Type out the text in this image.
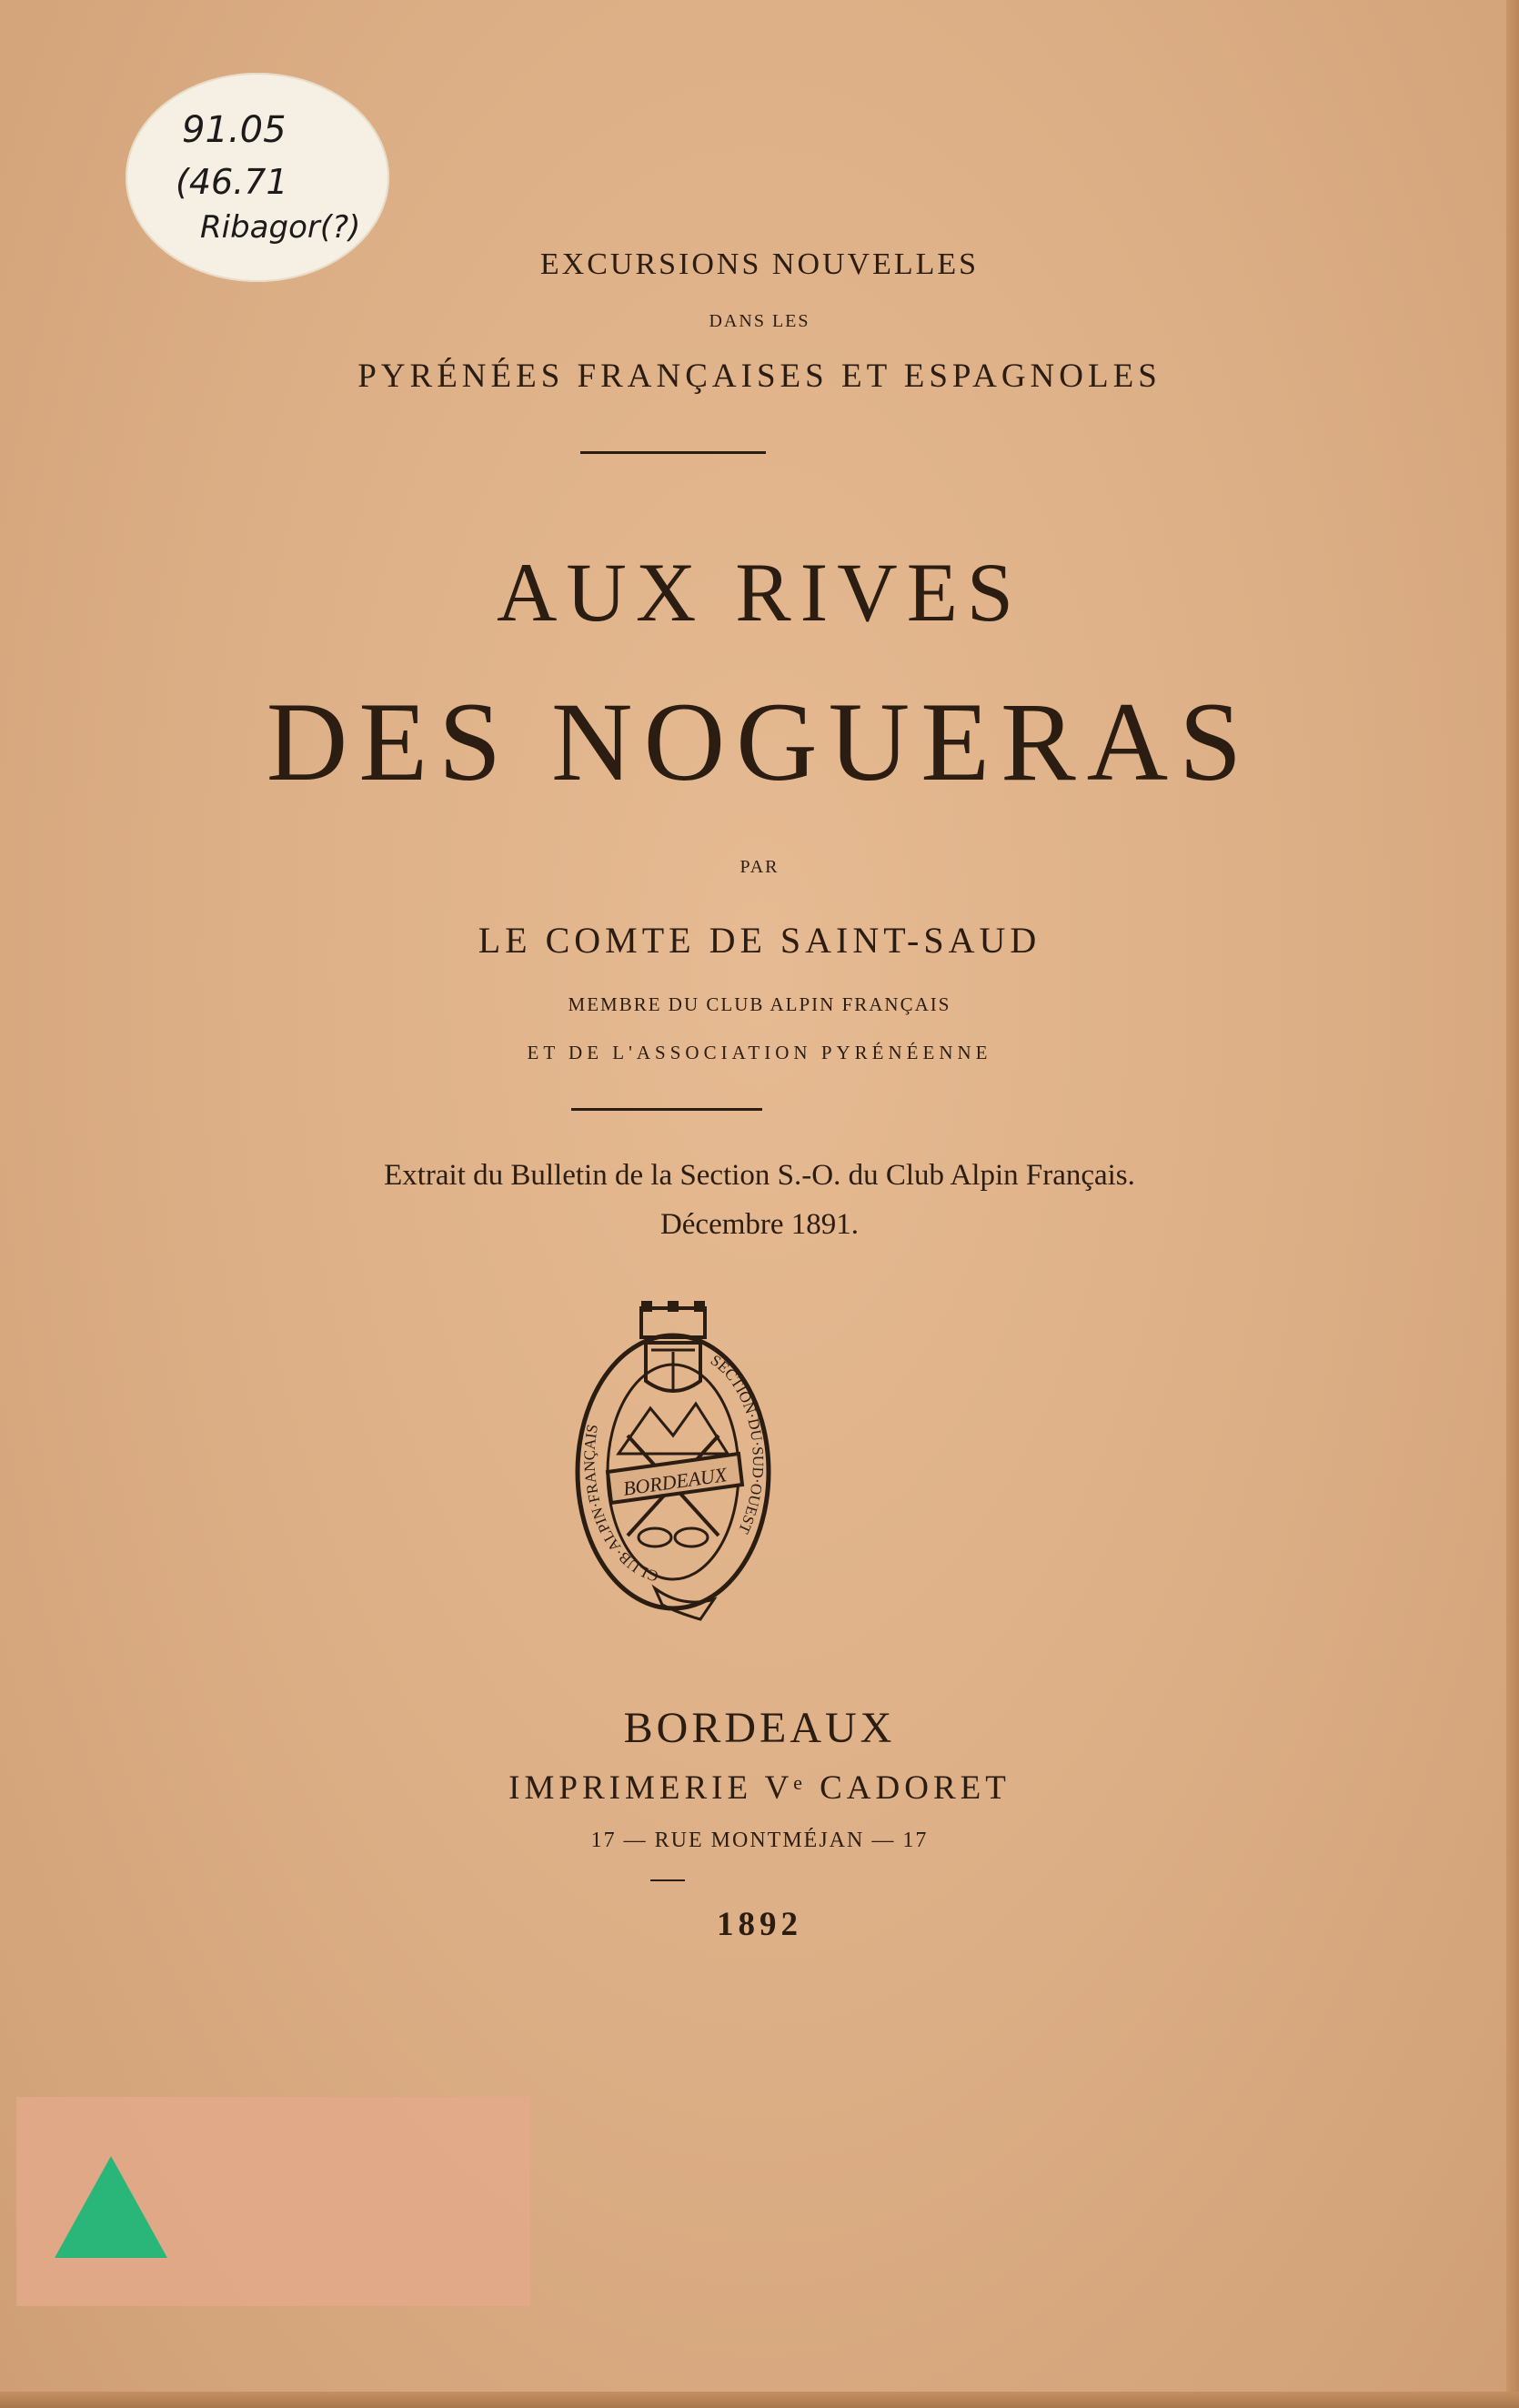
91.05
(46.71
Ribagor(?)
EXCURSIONS NOUVELLES
DANS LES
PYRÉNÉES FRANÇAISES ET ESPAGNOLES
AUX RIVES
DES NOGUERAS
PAR
LE COMTE DE SAINT-SAUD
MEMBRE DU CLUB ALPIN FRANÇAIS
ET DE L'ASSOCIATION PYRÉNÉENNE
Extrait du Bulletin de la Section S.-O. du Club Alpin Français.
Décembre 1891.
BORDEAUX
CLUB·ALPIN·FRANÇAIS
SECTION·DU·SUD·OUEST
BORDEAUX
IMPRIMERIE Vᵉ CADORET
17 — RUE MONTMÉJAN — 17
1892
